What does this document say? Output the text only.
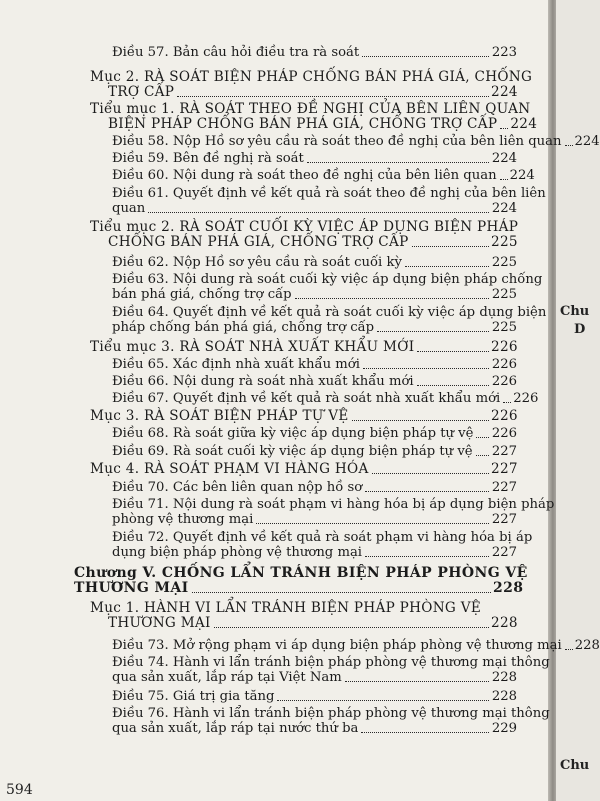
Chu
D
Chu
Điều 57. Bản câu hỏi điều tra rà soát	223
Mục 2. RÀ SOÁT BIỆN PHÁP CHỐNG BÁN PHÁ GIÁ, CHỐNG
TRỢ CẤP	224
Tiểu mục 1. RÀ SOÁT THEO ĐỀ NGHỊ CỦA BÊN LIÊN QUAN
BIỆN PHÁP CHỐNG BÁN PHÁ GIÁ, CHỐNG TRỢ CẤP 224
Điều 58. Nộp Hồ sơ yêu cầu rà soát theo đề nghị của bên liên quan 224
Điều 59. Bên đề nghị rà soát	224
Điều 60. Nội dung rà soát theo đề nghị của bên liên quan 224
Điều 61. Quyết định về kết quả rà soát theo đề nghị của bên liên
quan	224
Tiểu mục 2. RÀ SOÁT CUỐI KỲ VIỆC ÁP DỤNG BIỆN PHÁP
CHỐNG BÁN PHÁ GIÁ, CHỐNG TRỢ CẤP	225
Điều 62. Nộp Hồ sơ yêu cầu rà soát cuối kỳ	225
Điều 63. Nội dung rà soát cuối kỳ việc áp dụng biện pháp chống
bán phá giá, chống trợ cấp	225
Điều 64. Quyết định về kết quả rà soát cuối kỳ việc áp dụng biện
pháp chống bán phá giá, chống trợ cấp	225
Tiểu mục 3. RÀ SOÁT NHÀ XUẤT KHẨU MỚI	226
Điều 65. Xác định nhà xuất khẩu mới	226
Điều 66. Nội dung rà soát nhà xuất khẩu mới	226
Điều 67. Quyết định về kết quả rà soát nhà xuất khẩu mới 226
Mục 3. RÀ SOÁT BIỆN PHÁP TỰ VỆ	226
Điều 68. Rà soát giữa kỳ việc áp dụng biện pháp tự vệ 226
Điều 69. Rà soát cuối kỳ việc áp dụng biện pháp tự vệ 227
Mục 4. RÀ SOÁT PHẠM VI HÀNG HÓA	227
Điều 70. Các bên liên quan nộp hồ sơ	227
Điều 71. Nội dung rà soát phạm vi hàng hóa bị áp dụng biện pháp
phòng vệ thương mại	227
Điều 72. Quyết định về kết quả rà soát phạm vi hàng hóa bị áp
dụng biện pháp phòng vệ thương mại	227
Chương V. CHỐNG LẨN TRÁNH BIỆN PHÁP PHÒNG VỆ
THƯƠNG MẠI	228
Mục 1. HÀNH VI LẨN TRÁNH BIỆN PHÁP PHÒNG VỆ
THƯƠNG MẠI	228
Điều 73. Mở rộng phạm vi áp dụng biện pháp phòng vệ thương mại 228
Điều 74. Hành vi lẩn tránh biện pháp phòng vệ thương mại thông
qua sản xuất, lắp ráp tại Việt Nam	228
Điều 75. Giá trị gia tăng	228
Điều 76. Hành vi lẩn tránh biện pháp phòng vệ thương mại thông
qua sản xuất, lắp ráp tại nước thứ ba	229
594
